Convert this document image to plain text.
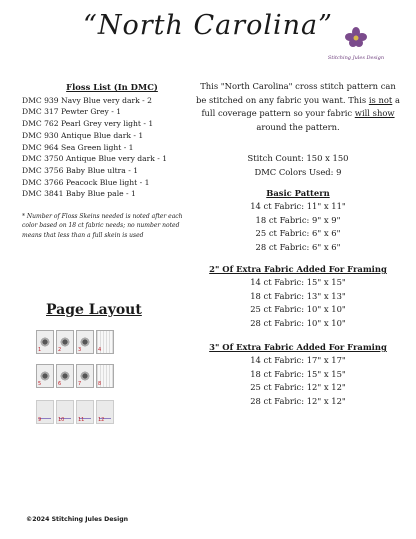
“North Carolina”
Stitching Jules Design
Floss List (In DMC)
DMC 939 Navy Blue very dark - 2
DMC 317 Pewter Grey - 1
DMC 762 Pearl Grey very light - 1
DMC 930 Antique Blue dark - 1
DMC 964 Sea Green light - 1
DMC 3750 Antique Blue very dark - 1
DMC 3756 Baby Blue ultra - 1
DMC 3766 Peacock Blue light - 1
DMC 3841 Baby Blue pale - 1
* Number of Floss Skeins needed is noted after each color based on 18 ct fabric needs; no number noted means that less than a full skein is used
Page Layout
1	2	3	4
5	6	7	8
9	10	11	12
This "North Carolina" cross stitch pattern can be stitched on any fabric you want. This is not a full coverage pattern so your fabric will show around the pattern.

Stitch Count: 150 x 150

DMC Colors Used: 9

Basic Pattern

14 ct Fabric: 11" x 11"

18 ct Fabric: 9" x 9"

25 ct Fabric: 6" x 6"

28 ct Fabric: 6" x 6"

2" Of Extra Fabric Added For Framing

14 ct Fabric: 15" x 15"

18 ct Fabric: 13" x 13"

25 ct Fabric: 10" x 10"

28 ct Fabric: 10" x 10"

3" Of Extra Fabric Added For Framing

14 ct Fabric: 17" x 17"

18 ct Fabric: 15" x 15"

25 ct Fabric: 12" x 12"

28 ct Fabric: 12" x 12"

©2024 Stitching Jules Design
